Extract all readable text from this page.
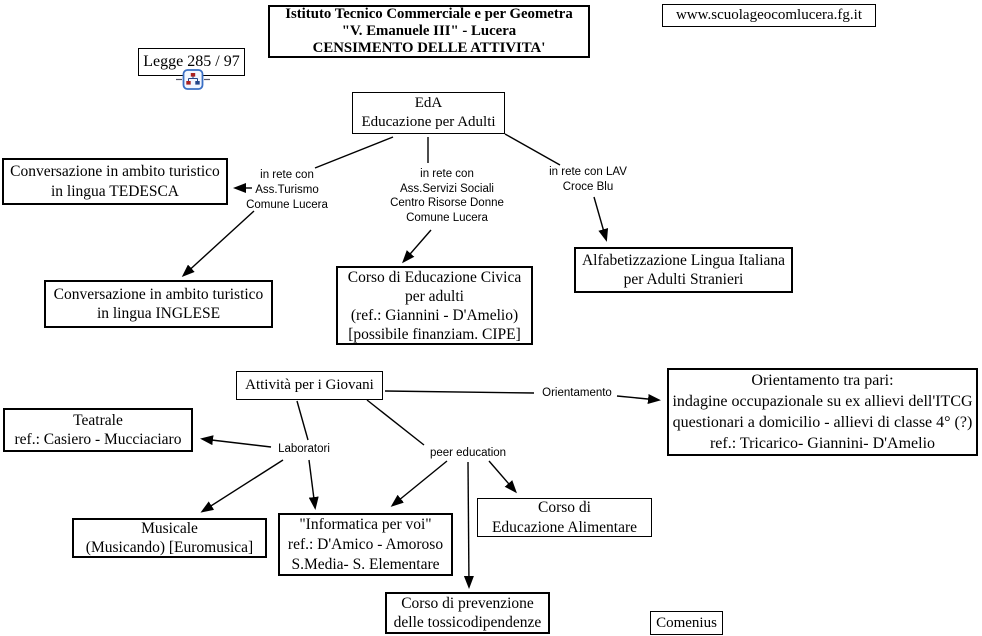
Istituto Tecnico Commerciale e per Geometra
"V. Emanuele III" - Lucera
CENSIMENTO DELLE ATTIVITA'
www.scuolageocomlucera.fg.it
Legge 285 / 97
EdA
Educazione per Adulti
Conversazione in ambito turistico
in lingua TEDESCA
in rete con
Ass.Turismo
Comune Lucera
in rete con
Ass.Servizi Sociali
Centro Risorse Donne
Comune Lucera
in rete con LAV
Croce Blu
Conversazione in ambito turistico
in lingua INGLESE
Corso di Educazione Civica
per adulti
(ref.: Giannini - D'Amelio)
[possibile finanziam. CIPE]
Alfabetizzazione Lingua Italiana
per Adulti Stranieri
Attività per i Giovani	Orientamento
Orientamento tra pari:
indagine occupazionale su ex allievi dell'ITCG
questionari a domicilio - allievi di classe 4° (?)
ref.: Tricarico- Giannini- D'Amelio
Teatrale
ref.: Casiero - Mucciaciaro
Laboratori	peer education
Musicale
(Musicando) [Euromusica]
"Informatica per voi"
ref.: D'Amico - Amoroso
S.Media- S. Elementare
Corso di
Educazione Alimentare
Corso di prevenzione
delle tossicodipendenze	Comenius
